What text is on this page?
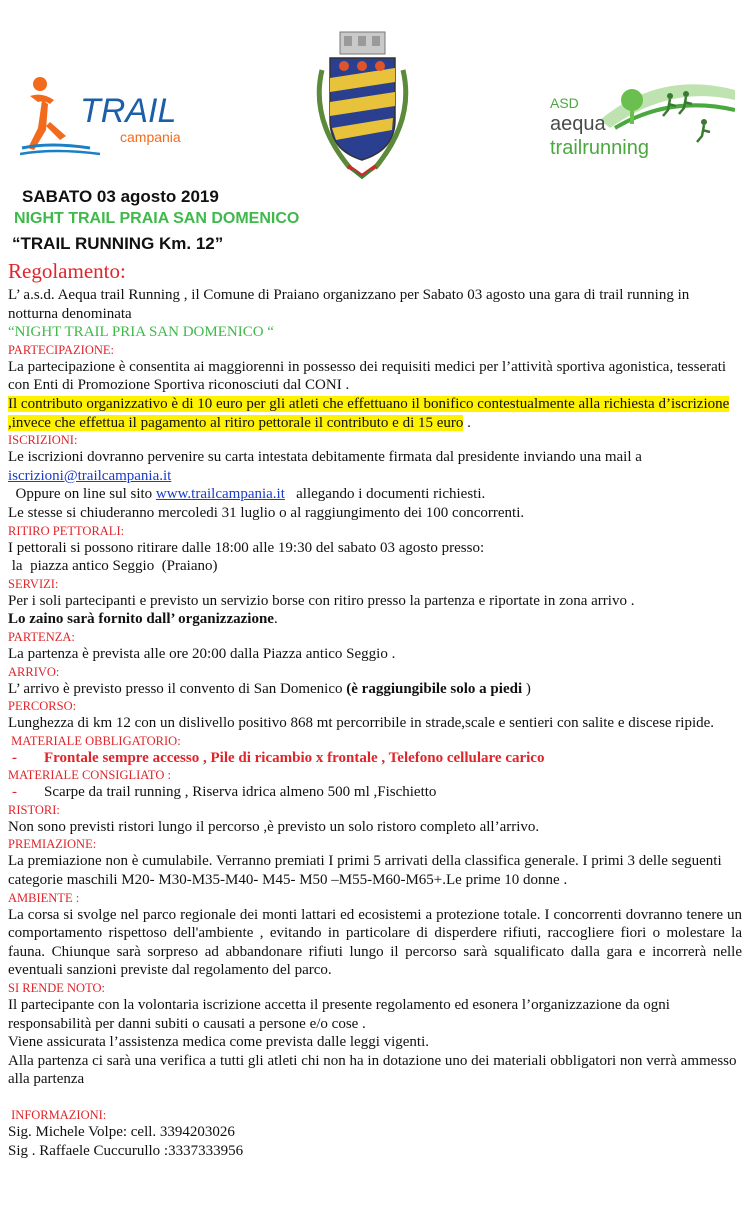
TRAIL
campania
ASD
aequa
trailrunning
SABATO 03 agosto 2019
NIGHT TRAIL PRAIA SAN DOMENICO
“TRAIL RUNNING Km. 12”
Regolamento:

L’ a.s.d. Aequa trail Running , il Comune di Praiano organizzano per Sabato 03 agosto una gara di trail running in notturna denominata

“NIGHT TRAIL PRIA SAN DOMENICO “

PARTECIPAZIONE:

La partecipazione è consentita ai maggiorenni in possesso dei requisiti medici per l’attività sportiva agonistica, tesserati con Enti di Promozione Sportiva riconosciuti dal CONI .

Il contributo organizzativo è di 10 euro per gli atleti che effettuano il bonifico contestualmente alla richiesta d’iscrizione ,invece che effettua il pagamento al ritiro pettorale il contributo e di 15 euro .

ISCRIZIONI:

Le iscrizioni dovranno pervenire su carta intestata debitamente firmata dal presidente inviando una mail a

iscrizioni@trailcampania.it

Oppure on line sul sito www.trailcampania.it   allegando i documenti richiesti.

Le stesse si chiuderanno mercoledi 31 luglio o al raggiungimento dei 100 concorrenti.

RITIRO PETTORALI:

I pettorali si possono ritirare dalle 18:00 alle 19:30 del sabato 03 agosto presso:

la  piazza antico Seggio  (Praiano)

SERVIZI:

Per i soli partecipanti e previsto un servizio borse con ritiro presso la partenza e riportate in zona arrivo .

Lo zaino sarà fornito dall’ organizzazione.

PARTENZA:

La partenza è prevista alle ore 20:00 dalla Piazza antico Seggio .

ARRIVO:

L’ arrivo è previsto presso il convento di San Domenico (è raggiungibile solo a piedi )

PERCORSO:

Lunghezza di km 12 con un dislivello positivo 868 mt percorribile in strade,scale e sentieri con salite e discese ripide.

MATERIALE OBBLIGATORIO:

- Frontale sempre accesso , Pile di ricambio x frontale , Telefono cellulare carico

MATERIALE CONSIGLIATO :

- Scarpe da trail running , Riserva idrica almeno 500 ml ,Fischietto

RISTORI:

Non sono previsti ristori lungo il percorso ,è previsto un solo ristoro completo all’arrivo.

PREMIAZIONE:

La premiazione non è cumulabile. Verranno premiati I primi 5 arrivati della classifica generale. I primi 3 delle seguenti categorie maschili M20- M30-M35-M40- M45- M50 –M55-M60-M65+.Le prime 10 donne .

AMBIENTE :

La corsa si svolge nel parco regionale dei monti lattari ed ecosistemi a protezione totale. I concorrenti dovranno tenere un comportamento rispettoso dell'ambiente , evitando in particolare di disperdere rifiuti, raccogliere fiori o molestare la fauna. Chiunque sarà sorpreso ad abbandonare rifiuti lungo il percorso sarà squalificato dalla gara e incorrerà nelle eventuali sanzioni previste dal regolamento del parco.

SI RENDE NOTO:

Il partecipante con la volontaria iscrizione accetta il presente regolamento ed esonera l’organizzazione da ogni responsabilità per danni subiti o causati a persone e/o cose .

Viene assicurata l’assistenza medica come prevista dalle leggi vigenti.

Alla partenza ci sarà una verifica a tutti gli atleti chi non ha in dotazione uno dei materiali obbligatori non verrà ammesso alla partenza

INFORMAZIONI:

Sig. Michele Volpe: cell. 3394203026

Sig . Raffaele Cuccurullo :3337333956
